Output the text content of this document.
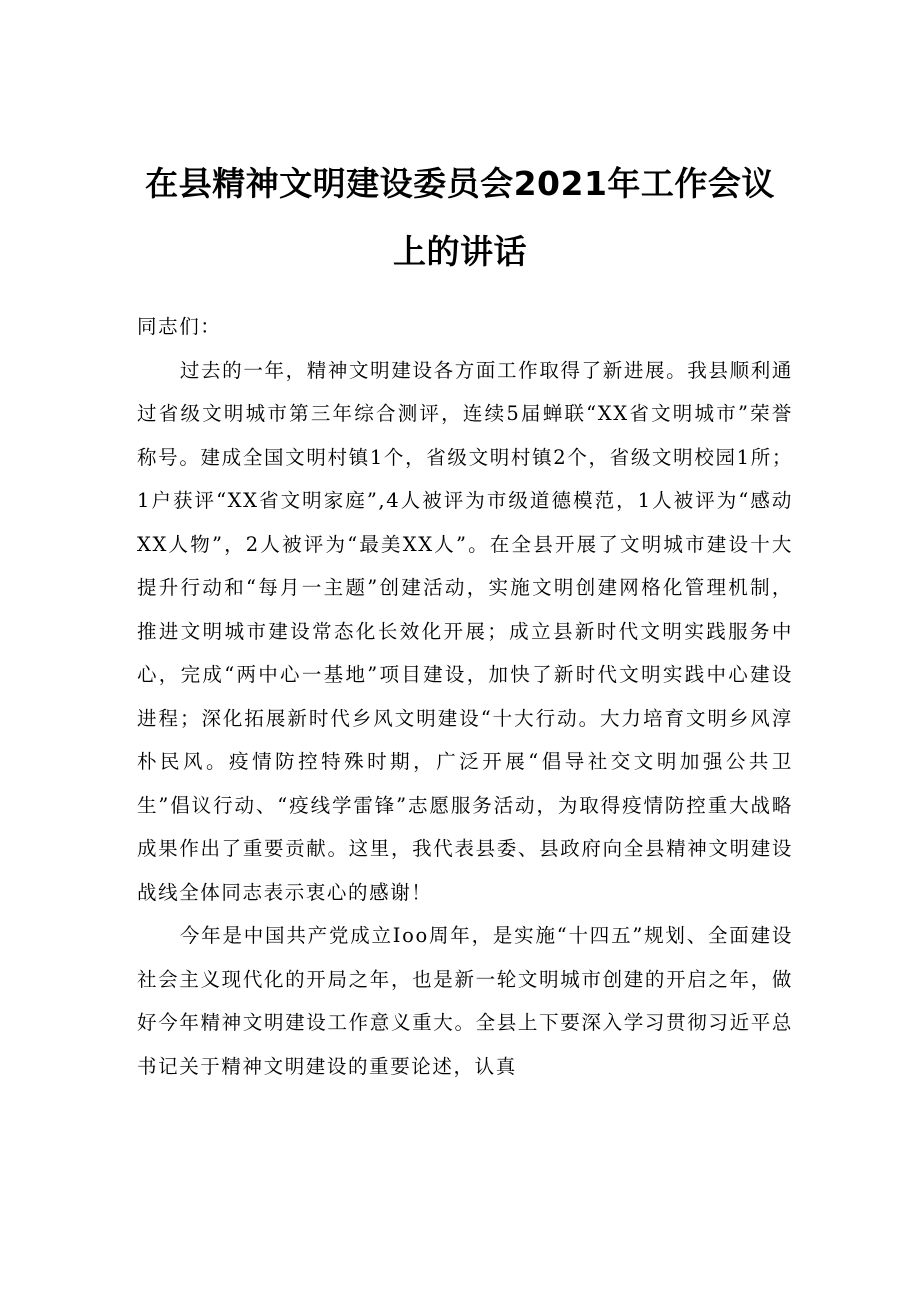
在县精神文明建设委员会2021年工作会议
上的讲话

同志们：

过去的一年，精神文明建设各方面工作取得了新进展。我县顺利通过省级文明城市第三年综合测评，连续5届蝉联“XX省文明城市”荣誉称号。建成全国文明村镇1个，省级文明村镇2个，省级文明校园1所；1户获评“XX省文明家庭”,4人被评为市级道德模范，1人被评为“感动XX人物”，2人被评为“最美XX人”。在全县开展了文明城市建设十大提升行动和“每月一主题”创建活动，实施文明创建网格化管理机制，推进文明城市建设常态化长效化开展；成立县新时代文明实践服务中心，完成“两中心一基地”项目建设，加快了新时代文明实践中心建设进程；深化拓展新时代乡风文明建设“十大行动。大力培育文明乡风淳朴民风。疫情防控特殊时期，广泛开展“倡导社交文明加强公共卫生”倡议行动、“疫线学雷锋”志愿服务活动，为取得疫情防控重大战略成果作出了重要贡献。这里，我代表县委、县政府向全县精神文明建设战线全体同志表示衷心的感谢！

今年是中国共产党成立Ioo周年，是实施“十四五”规划、全面建设社会主义现代化的开局之年，也是新一轮文明城市创建的开启之年，做好今年精神文明建设工作意义重大。全县上下要深入学习贯彻习近平总书记关于精神文明建设的重要论述，认真
